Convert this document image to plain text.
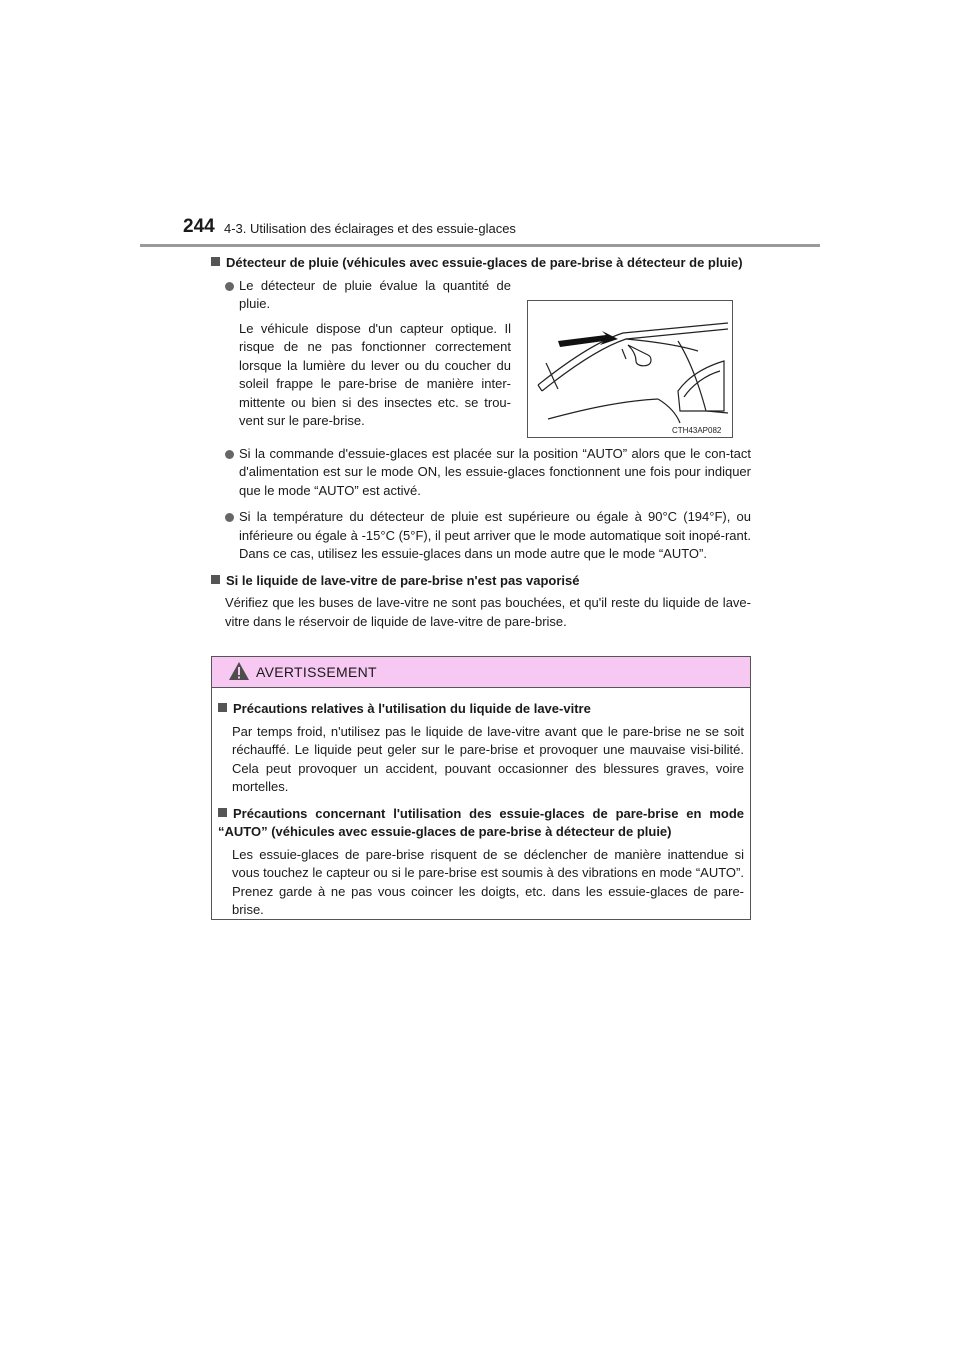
244 4-3. Utilisation des éclairages et des essuie-glaces

Détecteur de pluie (véhicules avec essuie-glaces de pare-brise à détecteur de pluie)

Le détecteur de pluie évalue la quantité de pluie.

Le véhicule dispose d'un capteur optique. Il risque de ne pas fonctionner correctement lorsque la lumière du lever ou du coucher du soleil frappe le pare-brise de manière inter-mittente ou bien si des insectes etc. se trou-vent sur le pare-brise.

CTH43AP082

Si la commande d'essuie-glaces est placée sur la position “AUTO” alors que le con-tact d'alimentation est sur le mode ON, les essuie-glaces fonctionnent une fois pour indiquer que le mode “AUTO” est activé.

Si la température du détecteur de pluie est supérieure ou égale à 90°C (194°F), ou inférieure ou égale à -15°C (5°F), il peut arriver que le mode automatique soit inopé-rant. Dans ce cas, utilisez les essuie-glaces dans un mode autre que le mode “AUTO”.

Si le liquide de lave-vitre de pare-brise n'est pas vaporisé

Vérifiez que les buses de lave-vitre ne sont pas bouchées, et qu'il reste du liquide de lave-vitre dans le réservoir de liquide de lave-vitre de pare-brise.

AVERTISSEMENT

Précautions relatives à l'utilisation du liquide de lave-vitre

Par temps froid, n'utilisez pas le liquide de lave-vitre avant que le pare-brise ne se soit réchauffé. Le liquide peut geler sur le pare-brise et provoquer une mauvaise visi-bilité. Cela peut provoquer un accident, pouvant occasionner des blessures graves, voire mortelles.

Précautions concernant l'utilisation des essuie-glaces de pare-brise en mode “AUTO” (véhicules avec essuie-glaces de pare-brise à détecteur de pluie)

Les essuie-glaces de pare-brise risquent de se déclencher de manière inattendue si vous touchez le capteur ou si le pare-brise est soumis à des vibrations en mode “AUTO”. Prenez garde à ne pas vous coincer les doigts, etc. dans les essuie-glaces de pare-brise.
